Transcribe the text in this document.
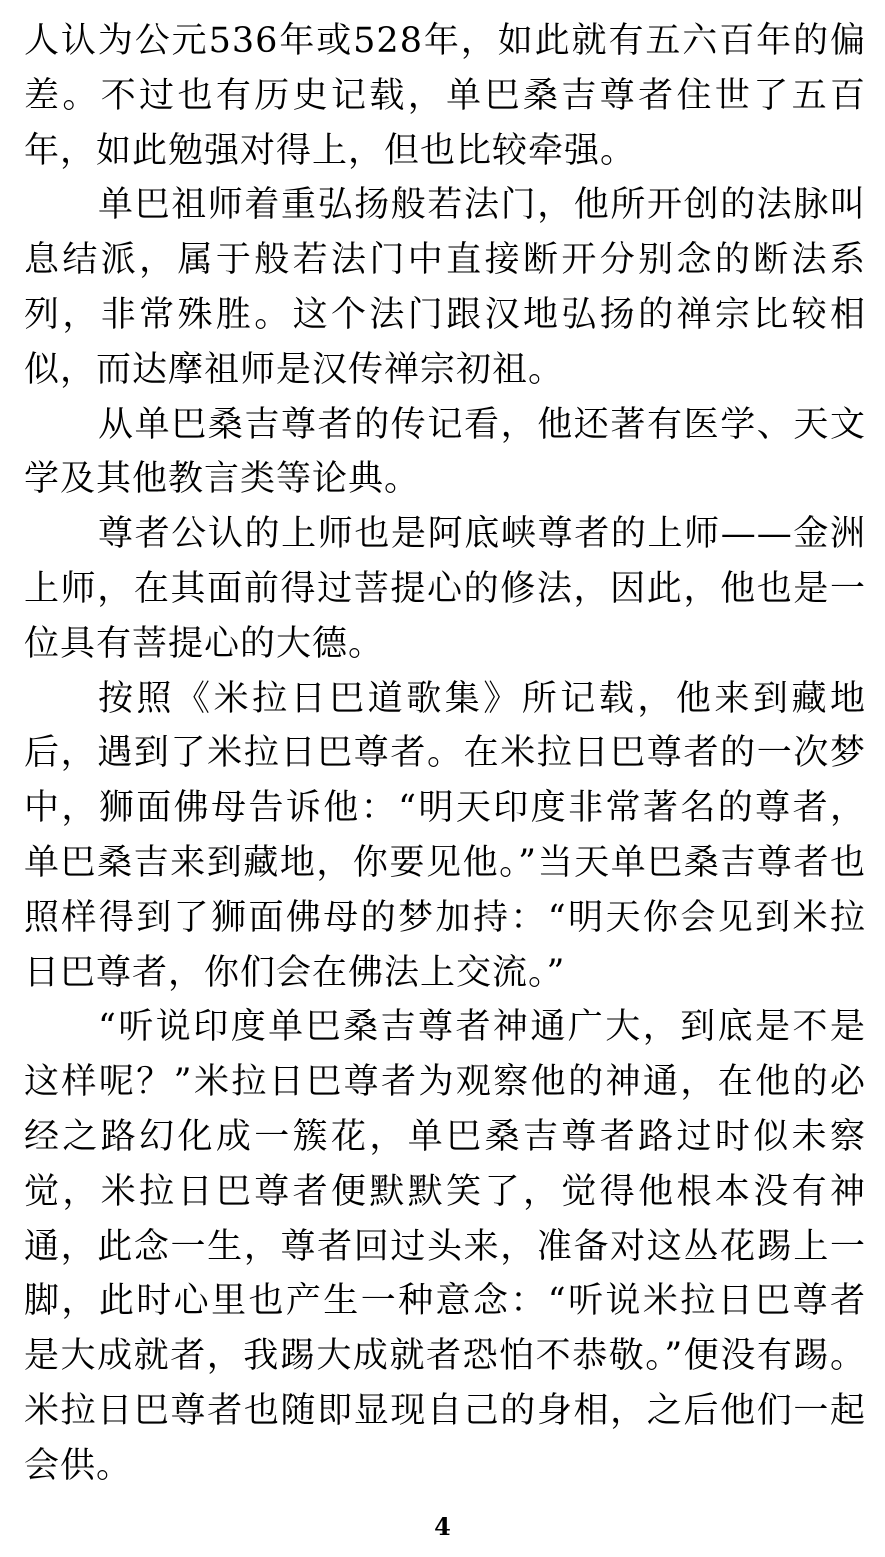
人认为公元536年或528年，如此就有五六百年的偏差。不过也有历史记载，单巴桑吉尊者住世了五百年，如此勉强对得上，但也比较牵强。

单巴祖师着重弘扬般若法门，他所开创的法脉叫息结派，属于般若法门中直接断开分别念的断法系列，非常殊胜。这个法门跟汉地弘扬的禅宗比较相似，而达摩祖师是汉传禅宗初祖。

从单巴桑吉尊者的传记看，他还著有医学、天文学及其他教言类等论典。

尊者公认的上师也是阿底峡尊者的上师——金洲上师，在其面前得过菩提心的修法，因此，他也是一位具有菩提心的大德。

按照《米拉日巴道歌集》所记载，他来到藏地后，遇到了米拉日巴尊者。在米拉日巴尊者的一次梦中，狮面佛母告诉他：“明天印度非常著名的尊者，单巴桑吉来到藏地，你要见他。”当天单巴桑吉尊者也照样得到了狮面佛母的梦加持：“明天你会见到米拉日巴尊者，你们会在佛法上交流。”

“听说印度单巴桑吉尊者神通广大，到底是不是这样呢？”米拉日巴尊者为观察他的神通，在他的必经之路幻化成一簇花，单巴桑吉尊者路过时似未察觉，米拉日巴尊者便默默笑了，觉得他根本没有神通，此念一生，尊者回过头来，准备对这丛花踢上一脚，此时心里也产生一种意念：“听说米拉日巴尊者是大成就者，我踢大成就者恐怕不恭敬。”便没有踢。米拉日巴尊者也随即显现自己的身相，之后他们一起会供。

4
